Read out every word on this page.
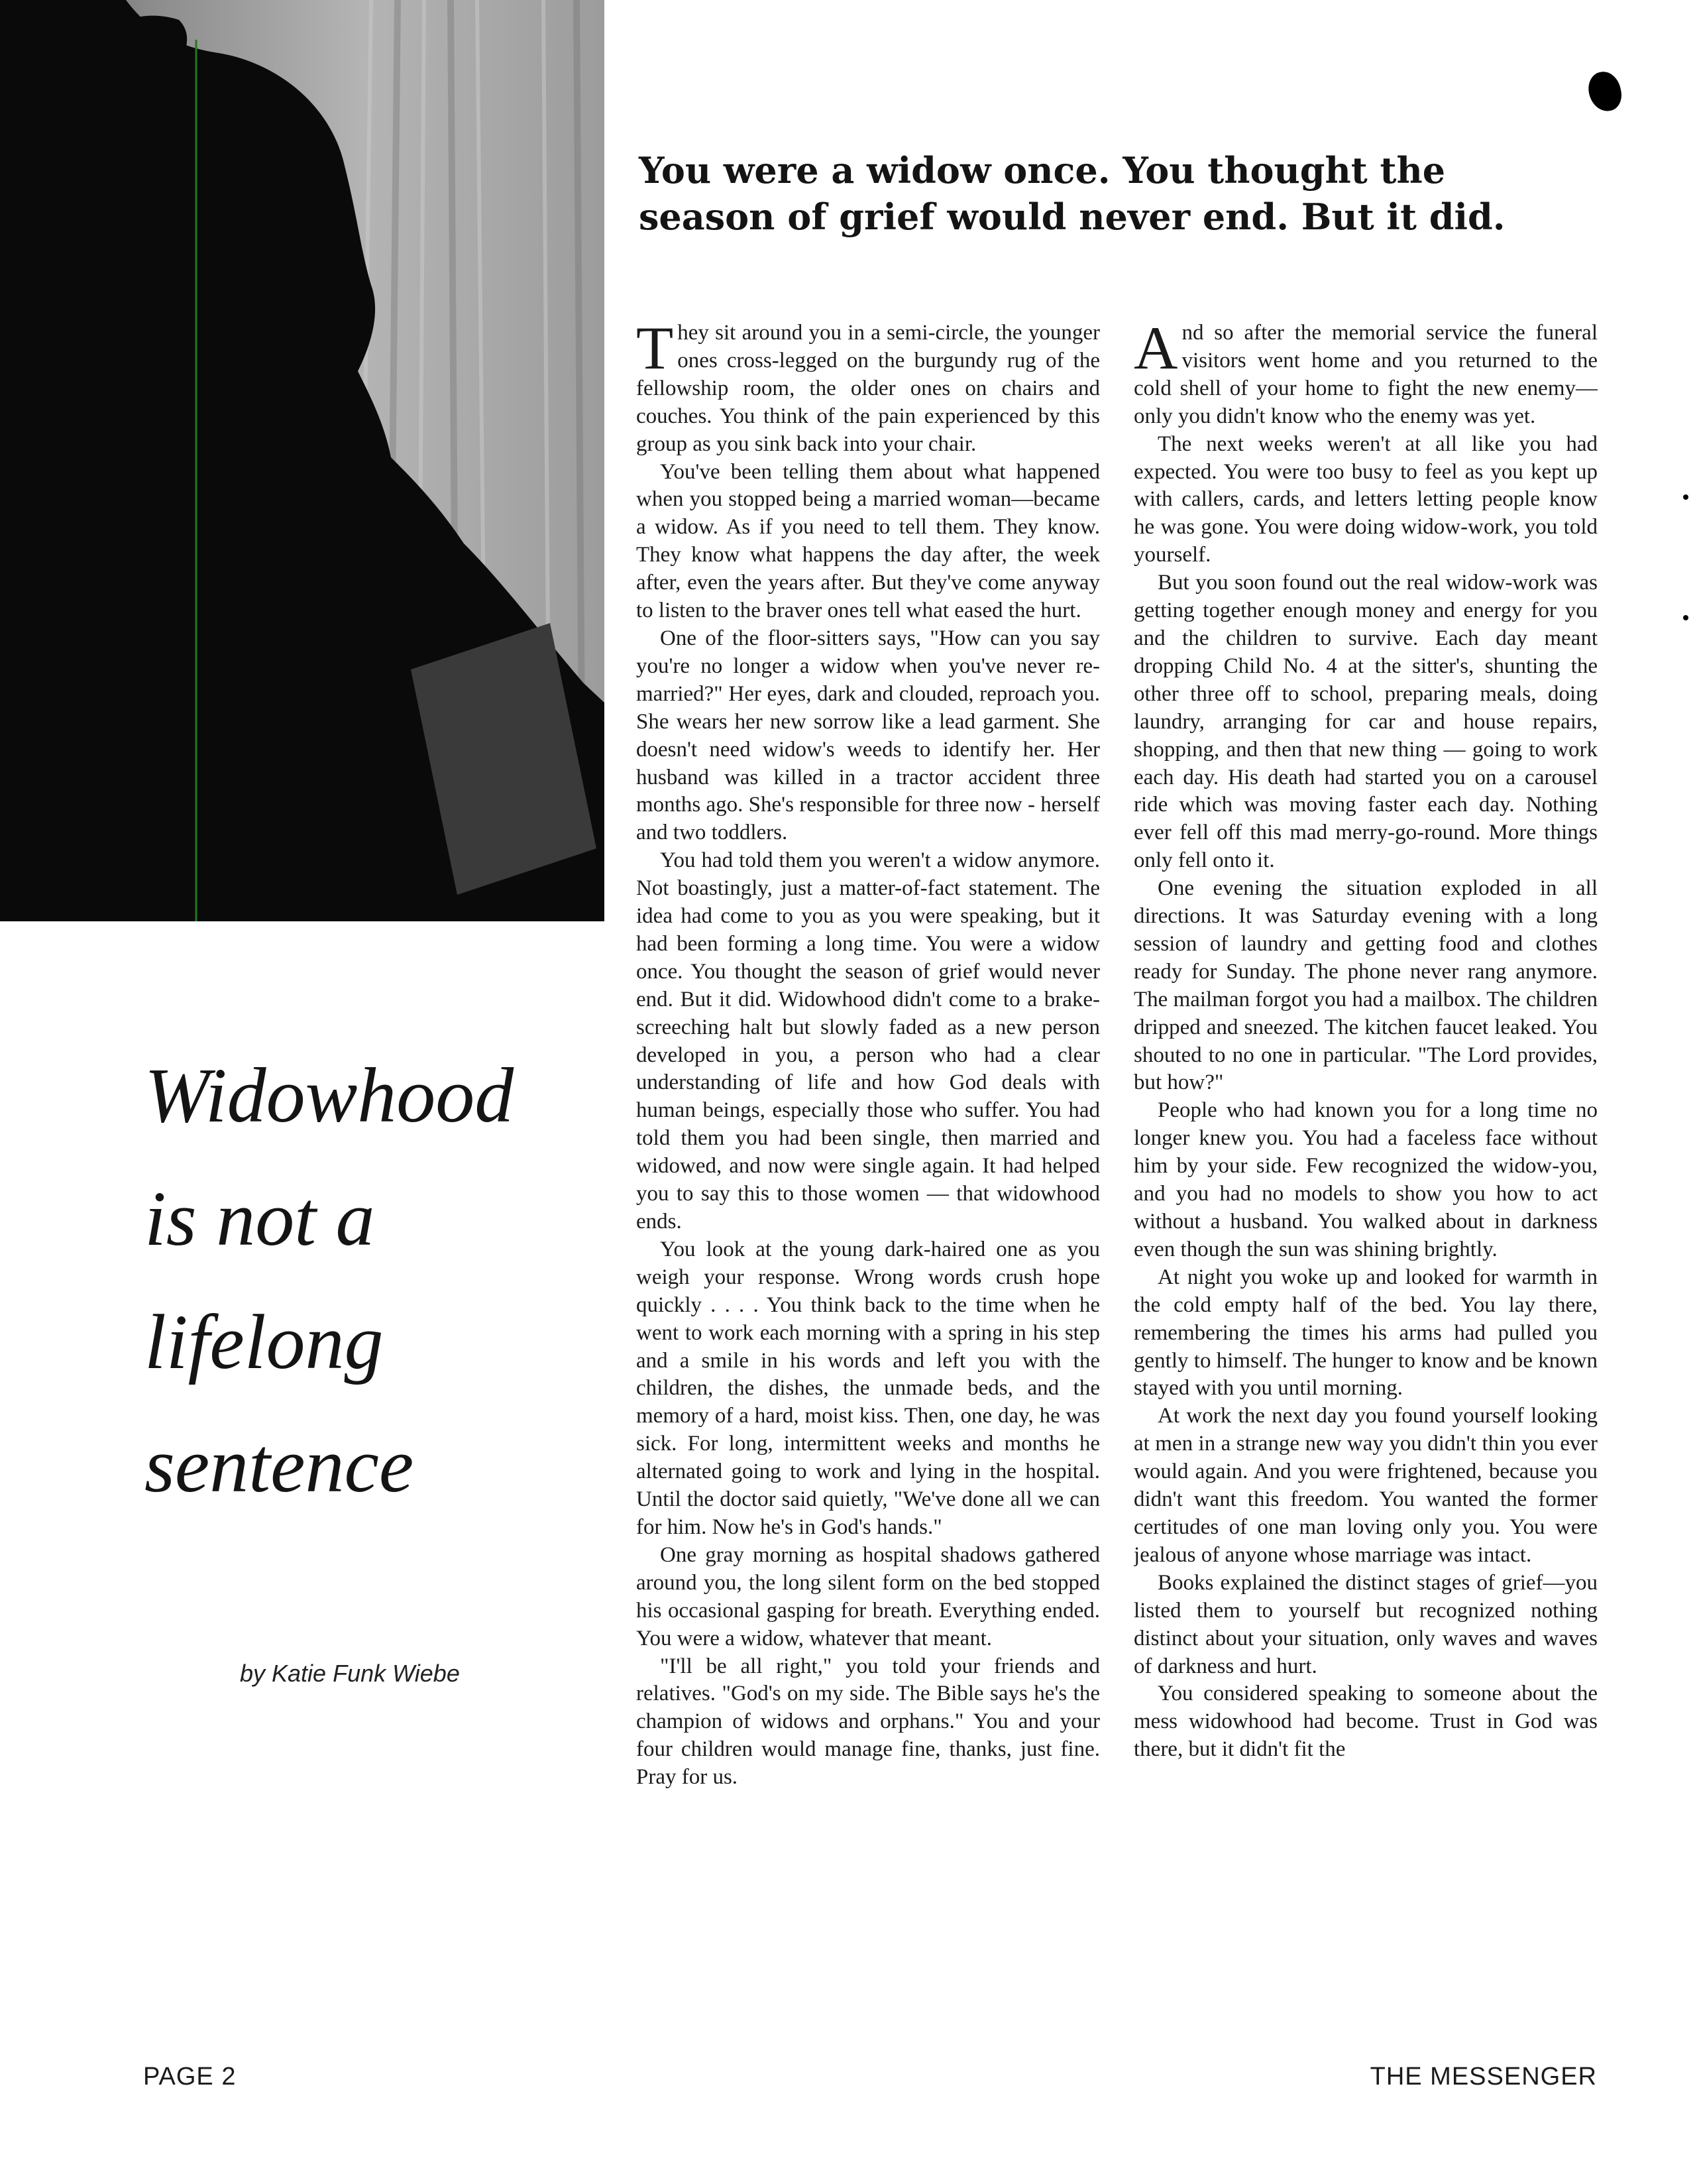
You were a widow once. You thought the season of grief would never end. But it did.
Widowhood
is not a
lifelong
sentence

by Katie Funk Wiebe

They sit around you in a semi-circle, the younger ones cross-legged on the burgundy rug of the fellowship room, the older ones on chairs and couches. You think of the pain experienced by this group as you sink back into your chair.

You've been telling them about what happened when you stopped being a married woman—became a widow. As if you need to tell them. They know. They know what happens the day after, the week after, even the years after. But they've come anyway to listen to the braver ones tell what eased the hurt.

One of the floor-sitters says, "How can you say you're no longer a widow when you've never re-married?" Her eyes, dark and clouded, reproach you. She wears her new sorrow like a lead garment. She doesn't need widow's weeds to identify her. Her husband was killed in a tractor accident three months ago. She's responsible for three now - herself and two toddlers.

You had told them you weren't a widow anymore. Not boastingly, just a matter-of-fact statement. The idea had come to you as you were speaking, but it had been forming a long time. You were a widow once. You thought the season of grief would never end. But it did. Widowhood didn't come to a brake-screeching halt but slowly faded as a new person developed in you, a person who had a clear understanding of life and how God deals with human beings, especially those who suffer. You had told them you had been single, then married and widowed, and now were single again. It had helped you to say this to those women — that widowhood ends.

You look at the young dark-haired one as you weigh your response. Wrong words crush hope quickly . . . . You think back to the time when he went to work each morning with a spring in his step and a smile in his words and left you with the children, the dishes, the unmade beds, and the memory of a hard, moist kiss. Then, one day, he was sick. For long, intermittent weeks and months he alternated going to work and lying in the hospital. Until the doctor said quietly, "We've done all we can for him. Now he's in God's hands."

One gray morning as hospital shadows gathered around you, the long silent form on the bed stopped his occasional gasping for breath. Everything ended. You were a widow, whatever that meant.

"I'll be all right," you told your friends and relatives. "God's on my side. The Bible says he's the champion of widows and orphans." You and your four children would manage fine, thanks, just fine. Pray for us.

And so after the memorial service the funeral visitors went home and you returned to the cold shell of your home to fight the new enemy—only you didn't know who the enemy was yet.

The next weeks weren't at all like you had expected. You were too busy to feel as you kept up with callers, cards, and letters letting people know he was gone. You were doing widow-work, you told yourself.

But you soon found out the real widow-work was getting together enough money and energy for you and the children to survive. Each day meant dropping Child No. 4 at the sitter's, shunting the other three off to school, preparing meals, doing laundry, arranging for car and house repairs, shopping, and then that new thing — going to work each day. His death had started you on a carousel ride which was moving faster each day. Nothing ever fell off this mad merry-go-round. More things only fell onto it.

One evening the situation exploded in all directions. It was Saturday evening with a long session of laundry and getting food and clothes ready for Sunday. The phone never rang anymore. The mailman forgot you had a mailbox. The children dripped and sneezed. The kitchen faucet leaked. You shouted to no one in particular. "The Lord provides, but how?"

People who had known you for a long time no longer knew you. You had a faceless face without him by your side. Few recognized the widow-you, and you had no models to show you how to act without a husband. You walked about in darkness even though the sun was shining brightly.

At night you woke up and looked for warmth in the cold empty half of the bed. You lay there, remembering the times his arms had pulled you gently to himself. The hunger to know and be known stayed with you until morning.

At work the next day you found yourself looking at men in a strange new way you didn't thin you ever would again. And you were frightened, because you didn't want this freedom. You wanted the former certitudes of one man loving only you. You were jealous of anyone whose marriage was intact.

Books explained the distinct stages of grief—you listed them to yourself but recognized nothing distinct about your situation, only waves and waves of darkness and hurt.

You considered speaking to someone about the mess widowhood had become. Trust in God was there, but it didn't fit the

PAGE 2	THE MESSENGER
